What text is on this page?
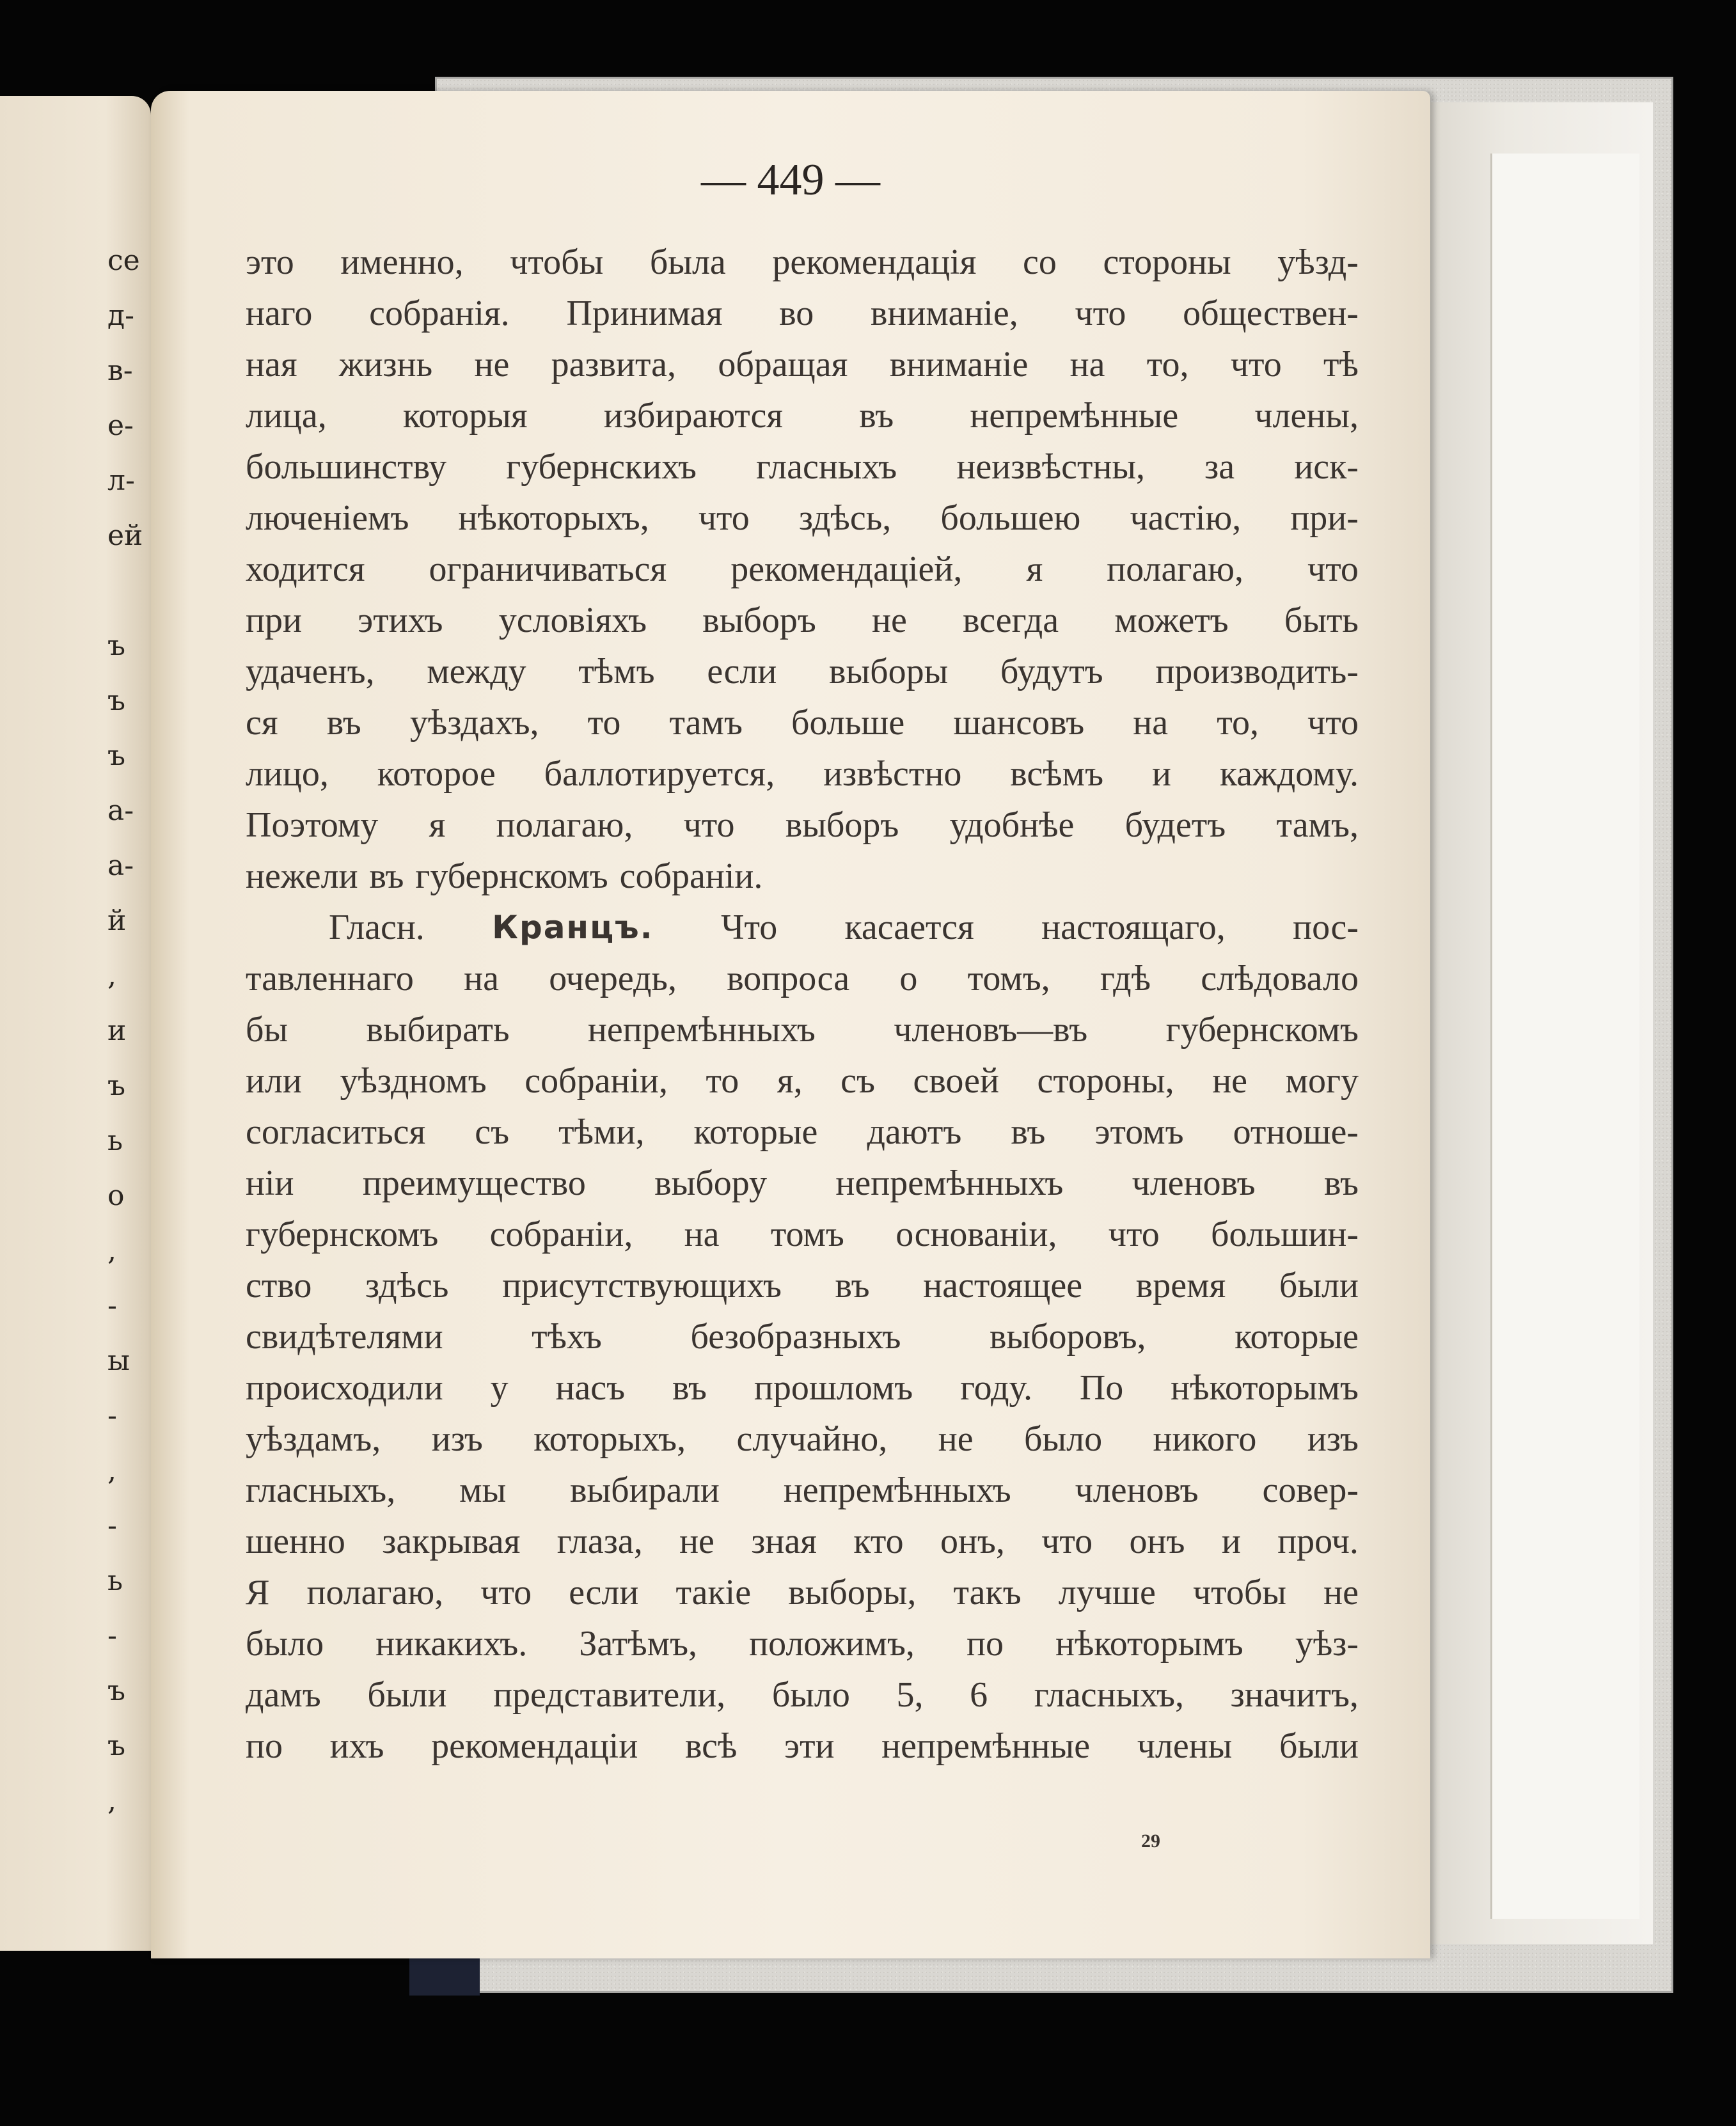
се
д-
в-
е-
л-
ей
ъ
ъ
ъ
а-
а-
й
,
и
ъ
ь
о
,
-
ы
-
,
-
ь
-
ъ
ъ
,
— 449 —
это именно, чтобы была рекомендація со стороны уѣзд-
наго собранія. Принимая во вниманіе, что обществен-
ная жизнь не развита, обращая вниманіе на то, что тѣ
лица, которыя избираются въ непремѣнные члены,
большинству губернскихъ гласныхъ неизвѣстны, за иск-
люченіемъ нѣкоторыхъ, что здѣсь, большею частію, при-
ходится ограничиваться рекомендаціей, я полагаю, что
при этихъ условіяхъ выборъ не всегда можетъ быть
удаченъ, между тѣмъ если выборы будутъ производить-
ся въ уѣздахъ, то тамъ больше шансовъ на то, что
лицо, которое баллотируется, извѣстно всѣмъ и каждому.
Поэтому я полагаю, что выборъ удобнѣе будетъ тамъ,
нежели въ губернскомъ собраніи.
Гласн. Кранцъ. Что касается настоящаго, пос-
тавленнаго на очередь, вопроса о томъ, гдѣ слѣдовало
бы выбирать непремѣнныхъ членовъ—въ губернскомъ
или уѣздномъ собраніи, то я, съ своей стороны, не могу
согласиться съ тѣми, которые даютъ въ этомъ отноше-
ніи преимущество выбору непремѣнныхъ членовъ въ
губернскомъ собраніи, на томъ основаніи, что большин-
ство здѣсь присутствующихъ въ настоящее время были
свидѣтелями тѣхъ безобразныхъ выборовъ, которые
происходили у насъ въ прошломъ году. По нѣкоторымъ
уѣздамъ, изъ которыхъ, случайно, не было никого изъ
гласныхъ, мы выбирали непремѣнныхъ членовъ совер-
шенно закрывая глаза, не зная кто онъ, что онъ и проч.
Я полагаю, что если такіе выборы, такъ лучше чтобы не
было никакихъ. Затѣмъ, положимъ, по нѣкоторымъ уѣз-
дамъ были представители, было 5, 6 гласныхъ, значитъ,
по ихъ рекомендаціи всѣ эти непремѣнные члены были
29
